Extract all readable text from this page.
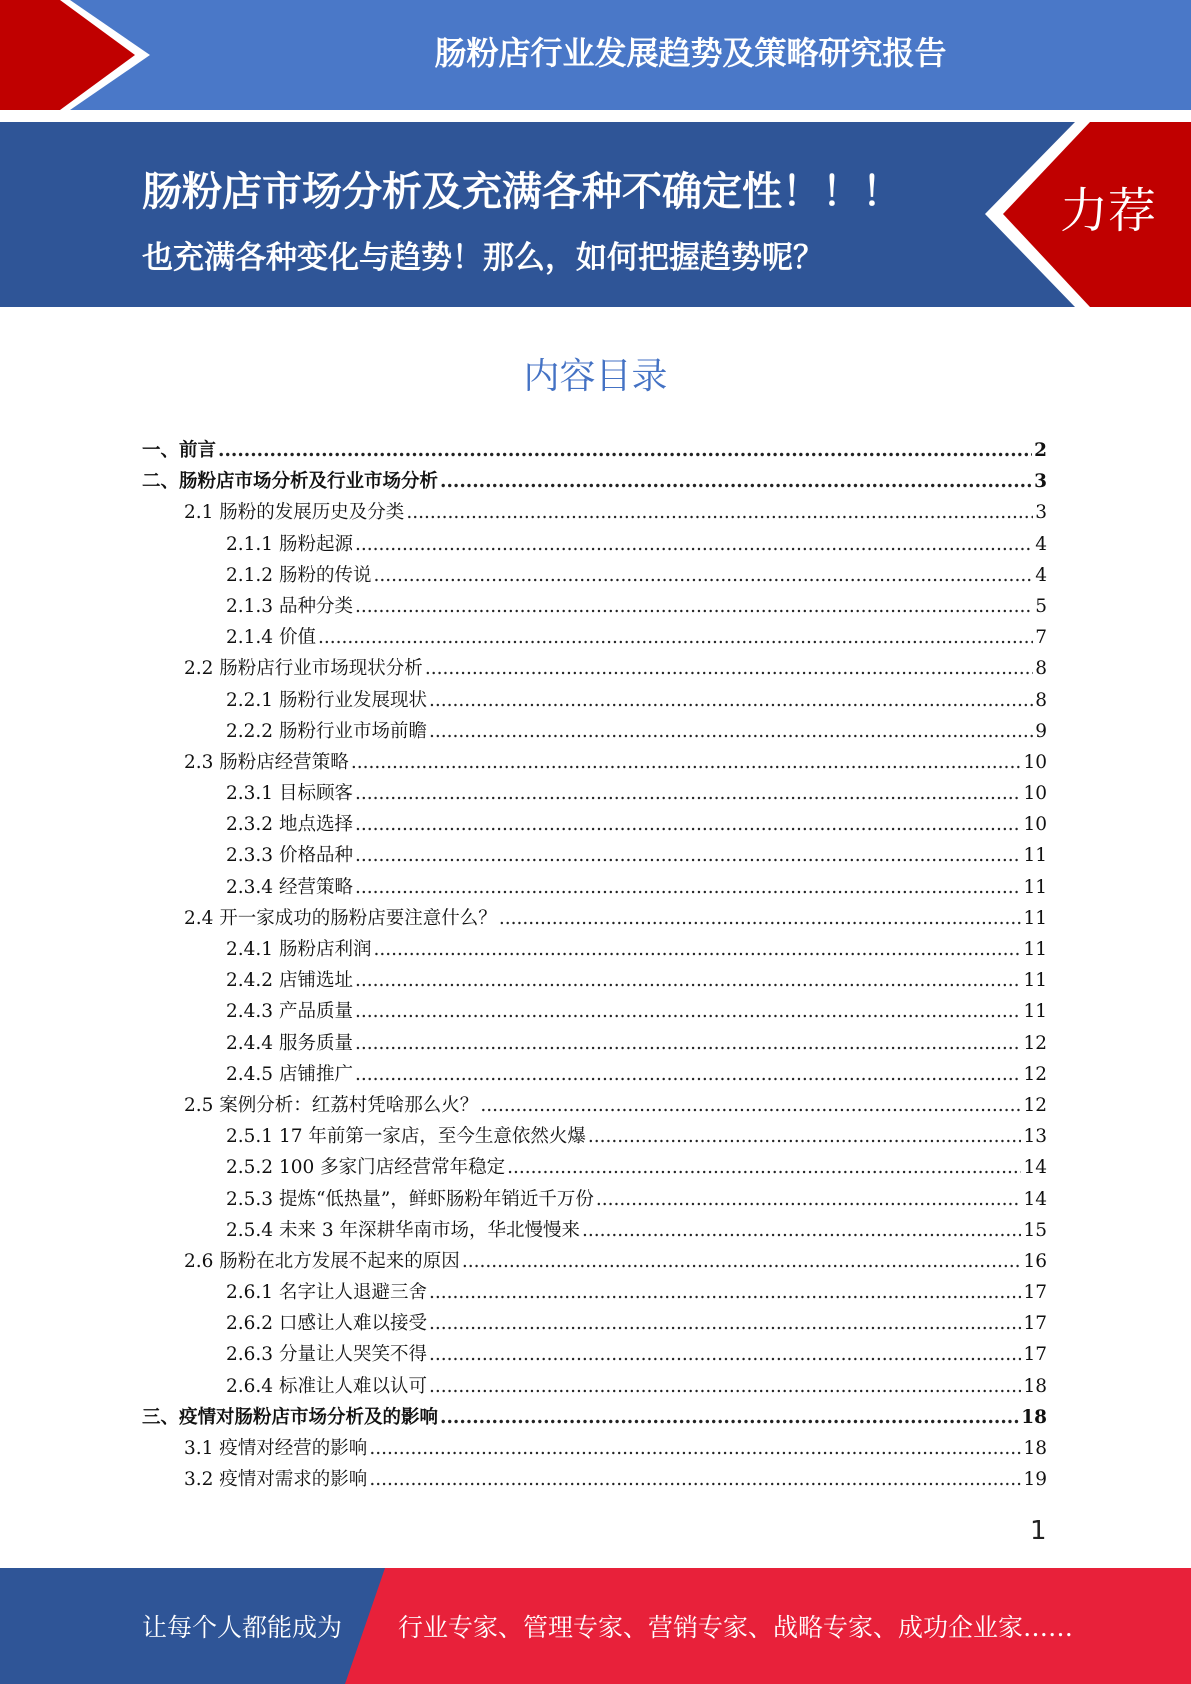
肠粉店行业发展趋势及策略研究报告
肠粉店市场分析及充满各种不确定性！！！
也充满各种变化与趋势！那么，如何把握趋势呢？
力荐
内容目录
一、前言 .....	2
二、肠粉店市场分析及行业市场分析 .....	3
2.1 肠粉的发展历史及分类 .....	3
2.1.1 肠粉起源 .....	4
2.1.2 肠粉的传说 .....	4
2.1.3 品种分类 .....	5
2.1.4 价值 .....	7
2.2 肠粉店行业市场现状分析 .....	8
2.2.1 肠粉行业发展现状 .....	8
2.2.2 肠粉行业市场前瞻 .....	9
2.3 肠粉店经营策略 .....	10
2.3.1 目标顾客 .....	10
2.3.2 地点选择 .....	10
2.3.3 价格品种 .....	11
2.3.4 经营策略 .....	11
2.4 开一家成功的肠粉店要注意什么？ .....	11
2.4.1 肠粉店利润 .....	11
2.4.2 店铺选址 .....	11
2.4.3 产品质量 .....	11
2.4.4 服务质量 .....	12
2.4.5 店铺推广 .....	12
2.5 案例分析：红荔村凭啥那么火？ .....	12
2.5.1 17 年前第一家店，至今生意依然火爆 .....	13
2.5.2 100 多家门店经营常年稳定 .....	14
2.5.3 提炼“低热量”，鲜虾肠粉年销近千万份 .....	14
2.5.4 未来 3 年深耕华南市场，华北慢慢来 .....	15
2.6 肠粉在北方发展不起来的原因 .....	16
2.6.1 名字让人退避三舍 .....	17
2.6.2 口感让人难以接受 .....	17
2.6.3 分量让人哭笑不得 .....	17
2.6.4 标准让人难以认可 .....	18
三、疫情对肠粉店市场分析及的影响 .....	18
3.1 疫情对经营的影响 .....	18
3.2 疫情对需求的影响 .....	19
1
让每个人都能成为 行业专家、管理专家、营销专家、战略专家、成功企业家……
